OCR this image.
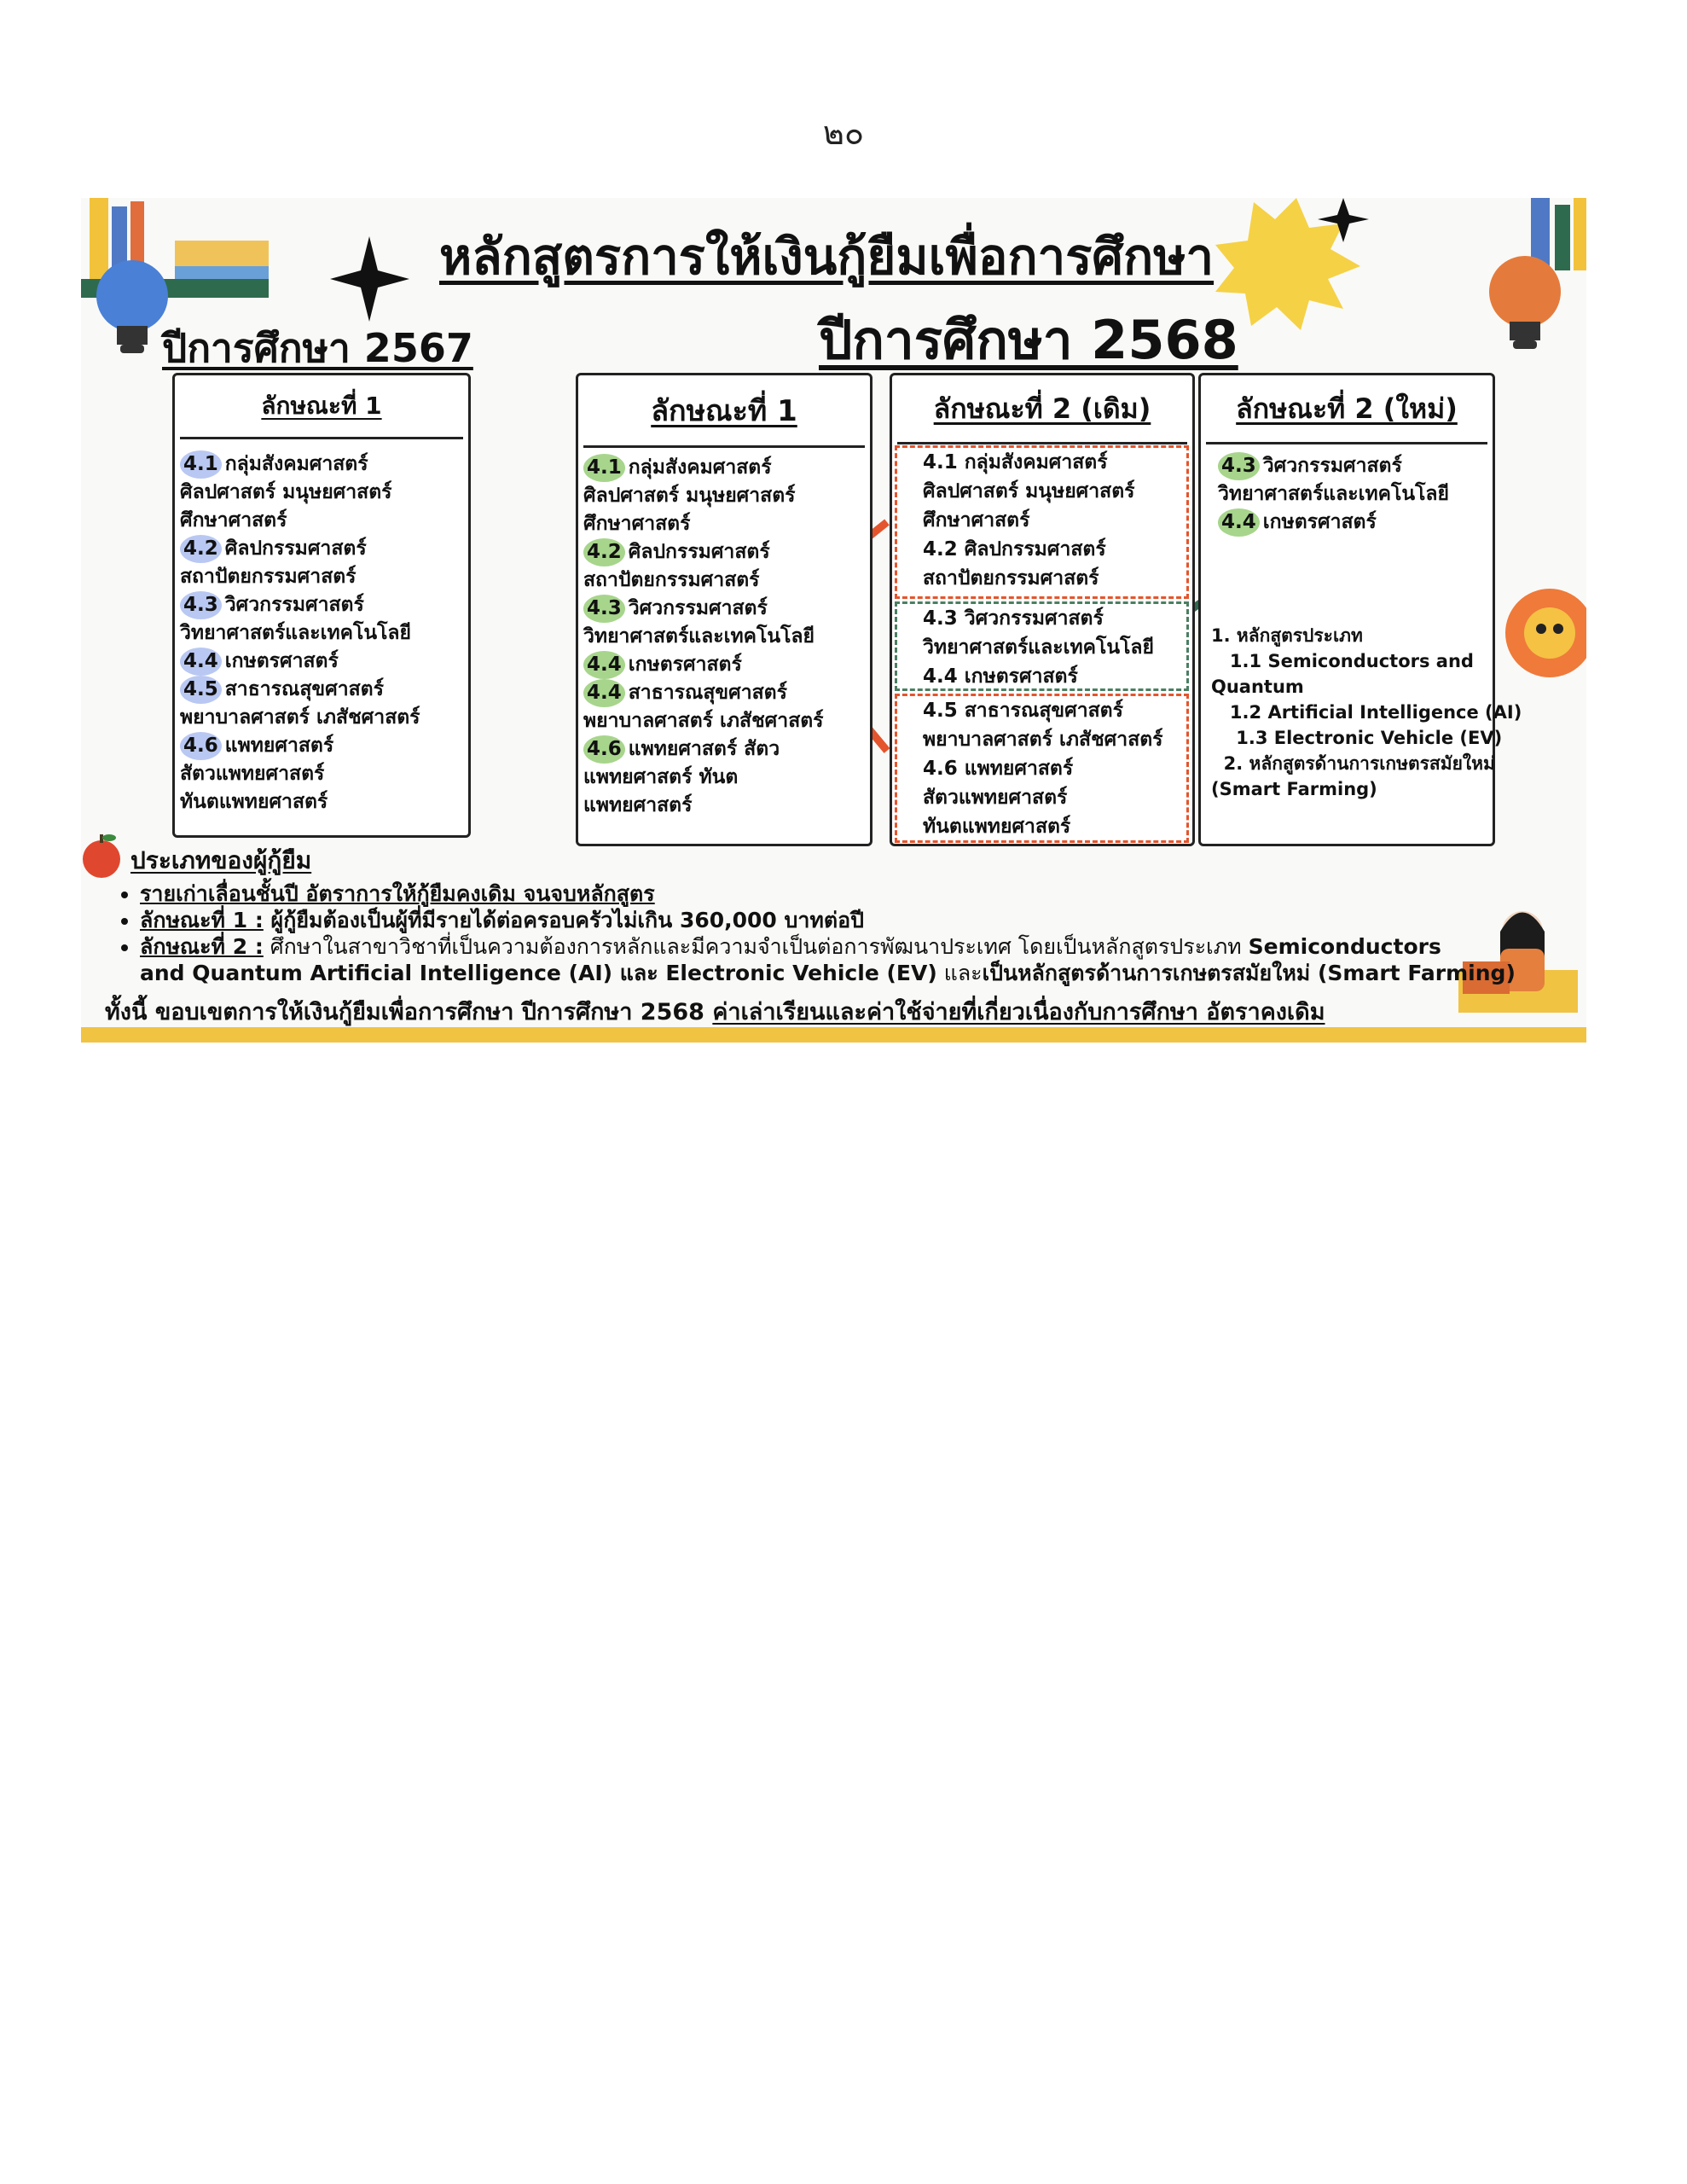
๒๐
หลักสูตรการให้เงินกู้ยืมเพื่อการศึกษา
ปีการศึกษา 2567	ปีการศึกษา 2568
ลักษณะที่ 1
4.1 กลุ่มสังคมศาสตร์
ศิลปศาสตร์ มนุษยศาสตร์
ศึกษาศาสตร์
4.2 ศิลปกรรมศาสตร์
สถาปัตยกรรมศาสตร์
4.3 วิศวกรรมศาสตร์
วิทยาศาสตร์และเทคโนโลยี
4.4 เกษตรศาสตร์
4.5 สาธารณสุขศาสตร์
พยาบาลศาสตร์ เภสัชศาสตร์
4.6 แพทยศาสตร์
สัตวแพทยศาสตร์
ทันตแพทยศาสตร์
ลักษณะที่ 1
4.1 กลุ่มสังคมศาสตร์
ศิลปศาสตร์ มนุษยศาสตร์
ศึกษาศาสตร์
4.2 ศิลปกรรมศาสตร์
สถาปัตยกรรมศาสตร์
4.3 วิศวกรรมศาสตร์
วิทยาศาสตร์และเทคโนโลยี
4.4 เกษตรศาสตร์
4.4 สาธารณสุขศาสตร์
พยาบาลศาสตร์ เภสัชศาสตร์
4.6 แพทยศาสตร์ สัตว
แพทยศาสตร์ ทันต
แพทยศาสตร์
ลักษณะที่ 2 (เดิม)
4.1 กลุ่มสังคมศาสตร์
ศิลปศาสตร์ มนุษยศาสตร์
ศึกษาศาสตร์
4.2 ศิลปกรรมศาสตร์
สถาปัตยกรรมศาสตร์
4.3 วิศวกรรมศาสตร์
วิทยาศาสตร์และเทคโนโลยี
4.4 เกษตรศาสตร์
4.5 สาธารณสุขศาสตร์
พยาบาลศาสตร์ เภสัชศาสตร์
4.6 แพทยศาสตร์
สัตวแพทยศาสตร์
ทันตแพทยศาสตร์
ลักษณะที่ 2 (ใหม่)
4.3 วิศวกรรมศาสตร์
วิทยาศาสตร์และเทคโนโลยี
4.4 เกษตรศาสตร์
1. หลักสูตรประเภท
1.1 Semiconductors and
Quantum
1.2 Artificial Intelligence (AI)
1.3 Electronic Vehicle (EV)
2. หลักสูตรด้านการเกษตรสมัยใหม่
(Smart Farming)
ประเภทของผู้กู้ยืม
• รายเก่าเลื่อนชั้นปี อัตราการให้กู้ยืมคงเดิม จนจบหลักสูตร
• ลักษณะที่ 1 : ผู้กู้ยืมต้องเป็นผู้ที่มีรายได้ต่อครอบครัวไม่เกิน 360,000 บาทต่อปี
• ลักษณะที่ 2 : ศึกษาในสาขาวิชาที่เป็นความต้องการหลักและมีความจำเป็นต่อการพัฒนาประเทศ โดยเป็นหลักสูตรประเภท Semiconductors
and Quantum Artificial Intelligence (AI) และ Electronic Vehicle (EV) และเป็นหลักสูตรด้านการเกษตรสมัยใหม่ (Smart Farming)
ทั้งนี้ ขอบเขตการให้เงินกู้ยืมเพื่อการศึกษา ปีการศึกษา 2568 ค่าเล่าเรียนและค่าใช้จ่ายที่เกี่ยวเนื่องกับการศึกษา อัตราคงเดิม
